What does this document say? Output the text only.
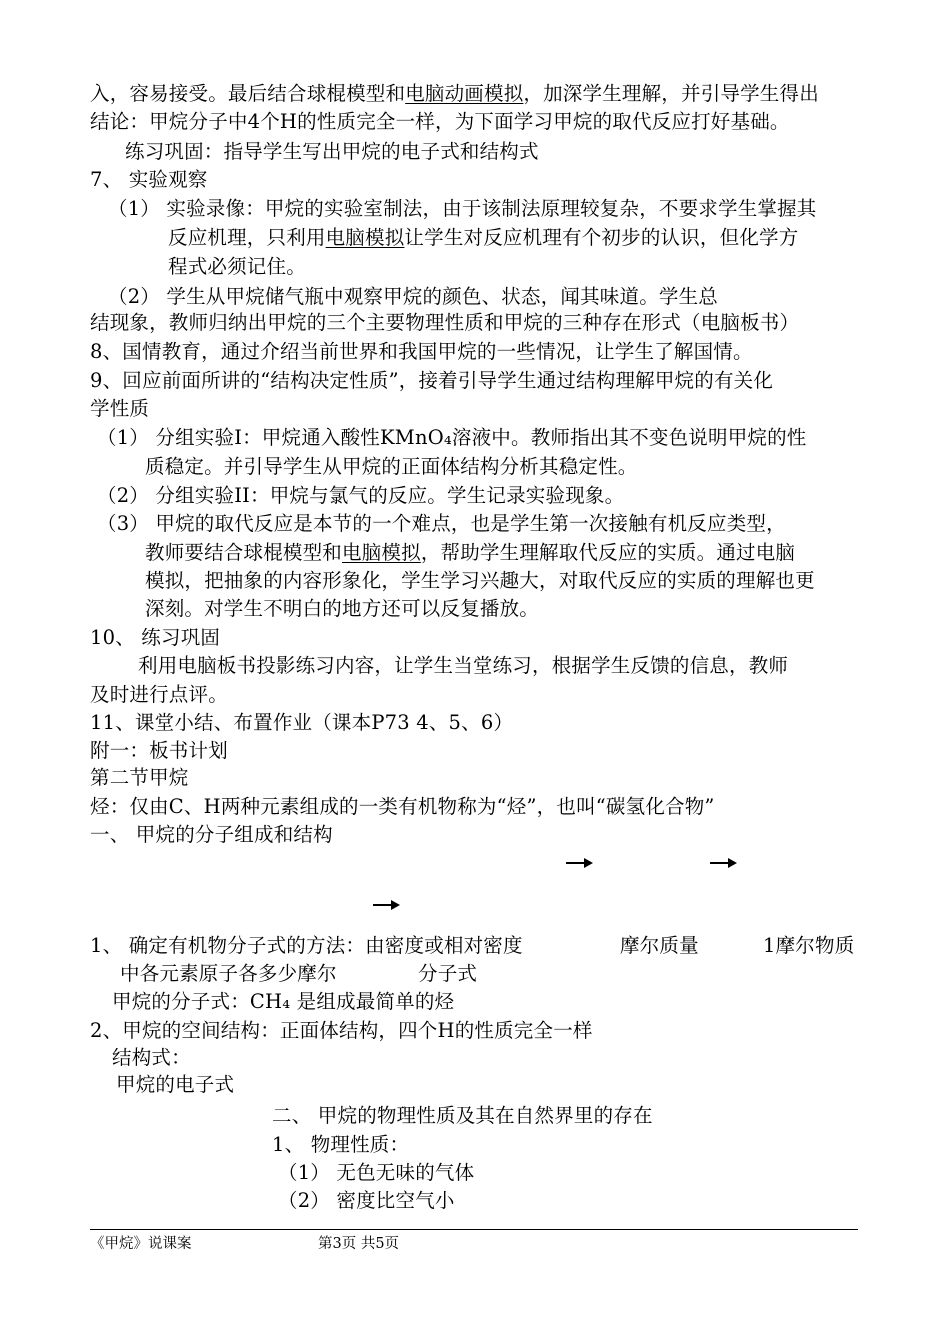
入，容易接受。最后结合球棍模型和电脑动画模拟，加深学生理解，并引导学生得出
结论：甲烷分子中4个H的性质完全一样，为下面学习甲烷的取代反应打好基础。
练习巩固：指导学生写出甲烷的电子式和结构式
7、 实验观察
（1） 实验录像：甲烷的实验室制法，由于该制法原理较复杂，不要求学生掌握其
反应机理，只利用电脑模拟让学生对反应机理有个初步的认识，但化学方
程式必须记住。
（2） 学生从甲烷储气瓶中观察甲烷的颜色、状态，闻其味道。学生总
结现象，教师归纳出甲烷的三个主要物理性质和甲烷的三种存在形式（电脑板书）
8、国情教育，通过介绍当前世界和我国甲烷的一些情况，让学生了解国情。
9、回应前面所讲的“结构决定性质”，接着引导学生通过结构理解甲烷的有关化
学性质
（1） 分组实验I：甲烷通入酸性KMnO₄溶液中。教师指出其不变色说明甲烷的性
质稳定。并引导学生从甲烷的正面体结构分析其稳定性。
（2） 分组实验II：甲烷与氯气的反应。学生记录实验现象。
（3） 甲烷的取代反应是本节的一个难点，也是学生第一次接触有机反应类型，
教师要结合球棍模型和电脑模拟，帮助学生理解取代反应的实质。通过电脑
模拟，把抽象的内容形象化，学生学习兴趣大，对取代反应的实质的理解也更
深刻。对学生不明白的地方还可以反复播放。
10、 练习巩固
利用电脑板书投影练习内容，让学生当堂练习，根据学生反馈的信息，教师
及时进行点评。
11、课堂小结、布置作业（课本P73 4、5、6）
附一：板书计划
第二节甲烷
烃：仅由C、H两种元素组成的一类有机物称为“烃”，也叫“碳氢化合物”
一、 甲烷的分子组成和结构
1、 确定有机物分子式的方法：由密度或相对密度	摩尔质量	1摩尔物质
中各元素原子各多少摩尔	分子式
甲烷的分子式：CH₄ 是组成最简单的烃
2、甲烷的空间结构：正面体结构，四个H的性质完全一样
结构式：
甲烷的电子式
二、 甲烷的物理性质及其在自然界里的存在
1、 物理性质：
（1） 无色无味的气体
（2） 密度比空气小
《甲烷》说课案	第3页 共5页
